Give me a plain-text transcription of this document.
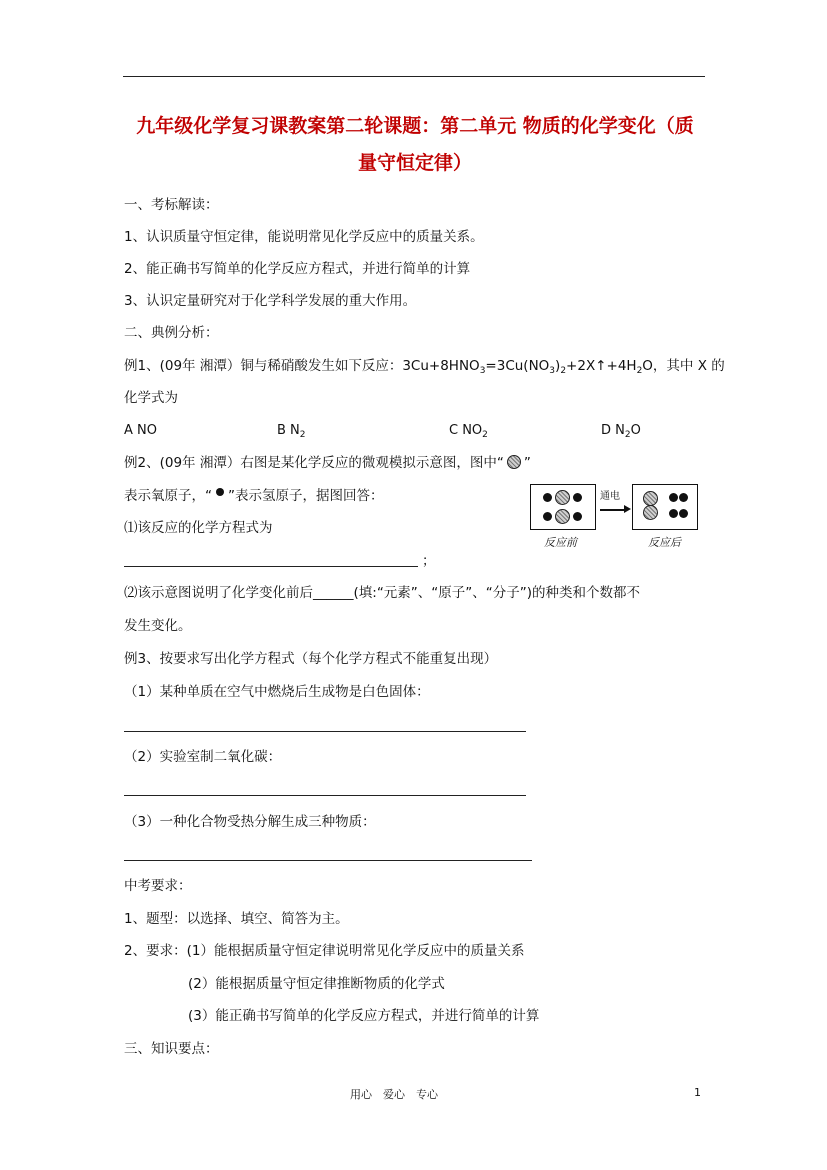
九年级化学复习课教案第二轮课题：第二单元 物质的化学变化（质
量守恒定律）
一、考标解读：
1、认识质量守恒定律，能说明常见化学反应中的质量关系。
2、能正确书写简单的化学反应方程式，并进行简单的计算
3、认识定量研究对于化学科学发展的重大作用。
二、典例分析：
例1、(09年 湘潭）铜与稀硝酸发生如下反应：$3Cu+8HNO_3=3Cu(NO_3)_2+2X↑+4H_2O$，其中 X 的
化学式为
A NO	B $N_2$	C $NO_2$	D $N_2O$
例2、(09年 湘潭）右图是某化学反应的微观模拟示意图，图中“ ”
表示氧原子，“ ”表示氢原子，据图回答：	通电
反应前	反应后
⑴该反应的化学方程式为
；
⑵该示意图说明了化学变化前后______(填:“元素”、“原子”、“分子”)的种类和个数都不
发生变化。
例3、按要求写出化学方程式（每个化学方程式不能重复出现）
（1）某种单质在空气中燃烧后生成物是白色固体：
（2）实验室制二氧化碳：
（3）一种化合物受热分解生成三种物质：
中考要求：
1、题型：以选择、填空、简答为主。
2、要求：(1）能根据质量守恒定律说明常见化学反应中的质量关系
(2）能根据质量守恒定律推断物质的化学式
(3）能正确书写简单的化学反应方程式，并进行简单的计算
三、知识要点：
用心　爱心　专心	1
